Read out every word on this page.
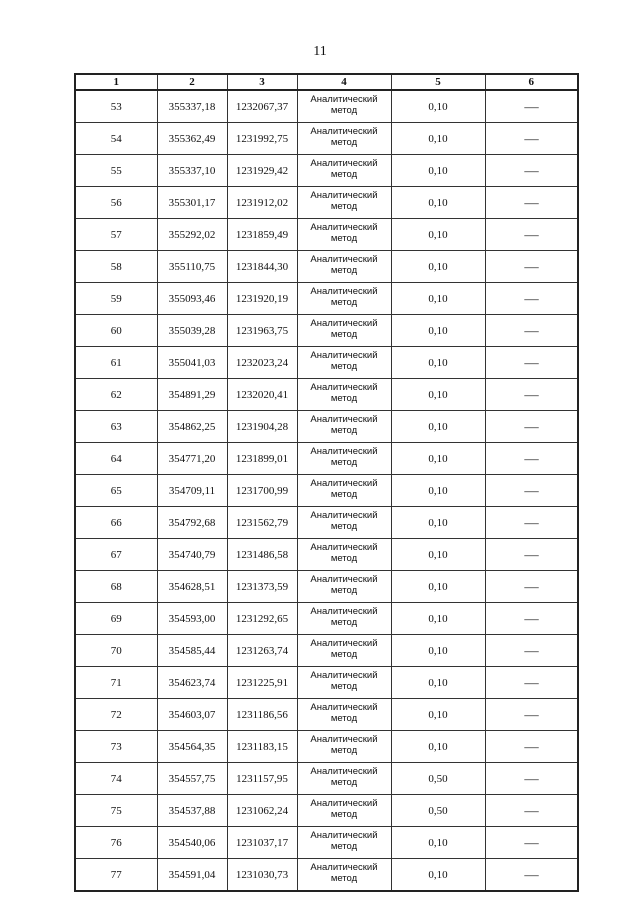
11
1	2	3	4	5	6
53	355337,18	1232067,37	Аналитический
метод	0,10	—
54	355362,49	1231992,75	Аналитический
метод	0,10	—
55	355337,10	1231929,42	Аналитический
метод	0,10	—
56	355301,17	1231912,02	Аналитический
метод	0,10	—
57	355292,02	1231859,49	Аналитический
метод	0,10	—
58	355110,75	1231844,30	Аналитический
метод	0,10	—
59	355093,46	1231920,19	Аналитический
метод	0,10	—
60	355039,28	1231963,75	Аналитический
метод	0,10	—
61	355041,03	1232023,24	Аналитический
метод	0,10	—
62	354891,29	1232020,41	Аналитический
метод	0,10	—
63	354862,25	1231904,28	Аналитический
метод	0,10	—
64	354771,20	1231899,01	Аналитический
метод	0,10	—
65	354709,11	1231700,99	Аналитический
метод	0,10	—
66	354792,68	1231562,79	Аналитический
метод	0,10	—
67	354740,79	1231486,58	Аналитический
метод	0,10	—
68	354628,51	1231373,59	Аналитический
метод	0,10	—
69	354593,00	1231292,65	Аналитический
метод	0,10	—
70	354585,44	1231263,74	Аналитический
метод	0,10	—
71	354623,74	1231225,91	Аналитический
метод	0,10	—
72	354603,07	1231186,56	Аналитический
метод	0,10	—
73	354564,35	1231183,15	Аналитический
метод	0,10	—
74	354557,75	1231157,95	Аналитический
метод	0,50	—
75	354537,88	1231062,24	Аналитический
метод	0,50	—
76	354540,06	1231037,17	Аналитический
метод	0,10	—
77	354591,04	1231030,73	Аналитический
метод	0,10	—
